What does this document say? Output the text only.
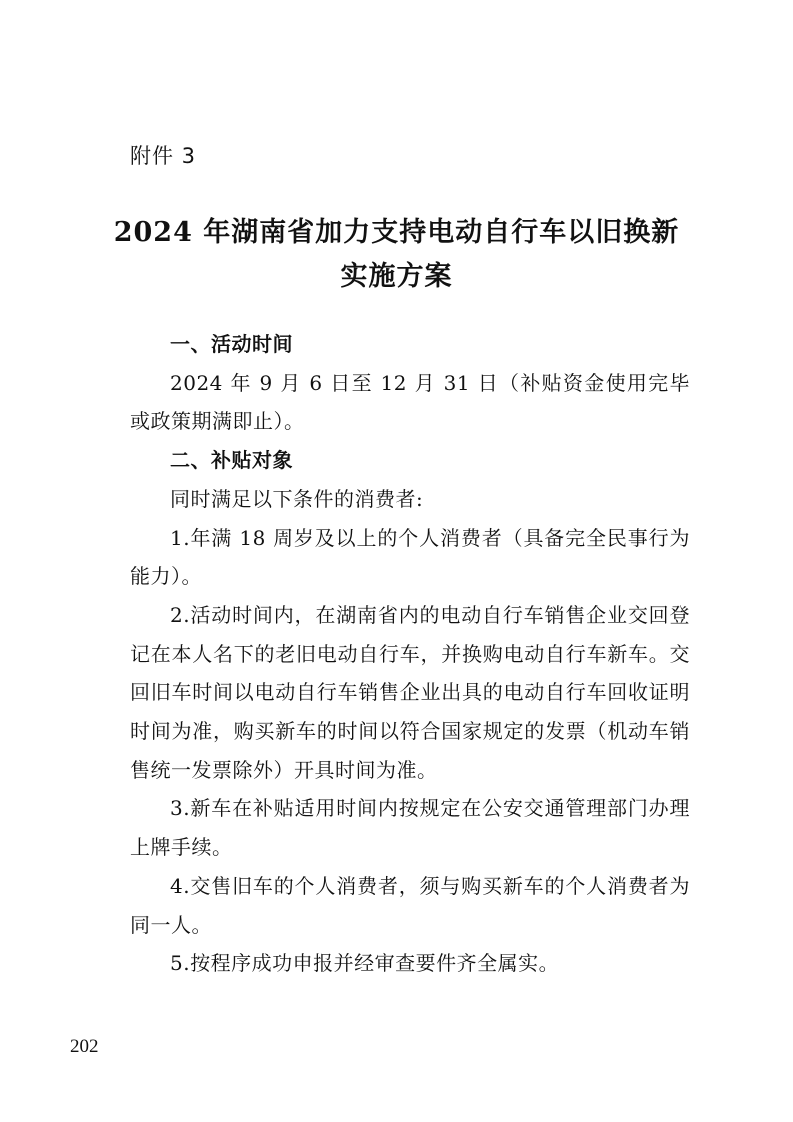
附件 3
2024 年湖南省加力支持电动自行车以旧换新
实施方案

一、活动时间

2024 年 9 月 6 日至 12 月 31 日（补贴资金使用完毕或政策期满即止）。

二、补贴对象

同时满足以下条件的消费者:

1.年满 18 周岁及以上的个人消费者（具备完全民事行为能力）。

2.活动时间内，在湖南省内的电动自行车销售企业交回登记在本人名下的老旧电动自行车，并换购电动自行车新车。交回旧车时间以电动自行车销售企业出具的电动自行车回收证明时间为准，购买新车的时间以符合国家规定的发票（机动车销售统一发票除外）开具时间为准。

3.新车在补贴适用时间内按规定在公安交通管理部门办理上牌手续。

4.交售旧车的个人消费者，须与购买新车的个人消费者为同一人。

5.按程序成功申报并经审查要件齐全属实。

202
